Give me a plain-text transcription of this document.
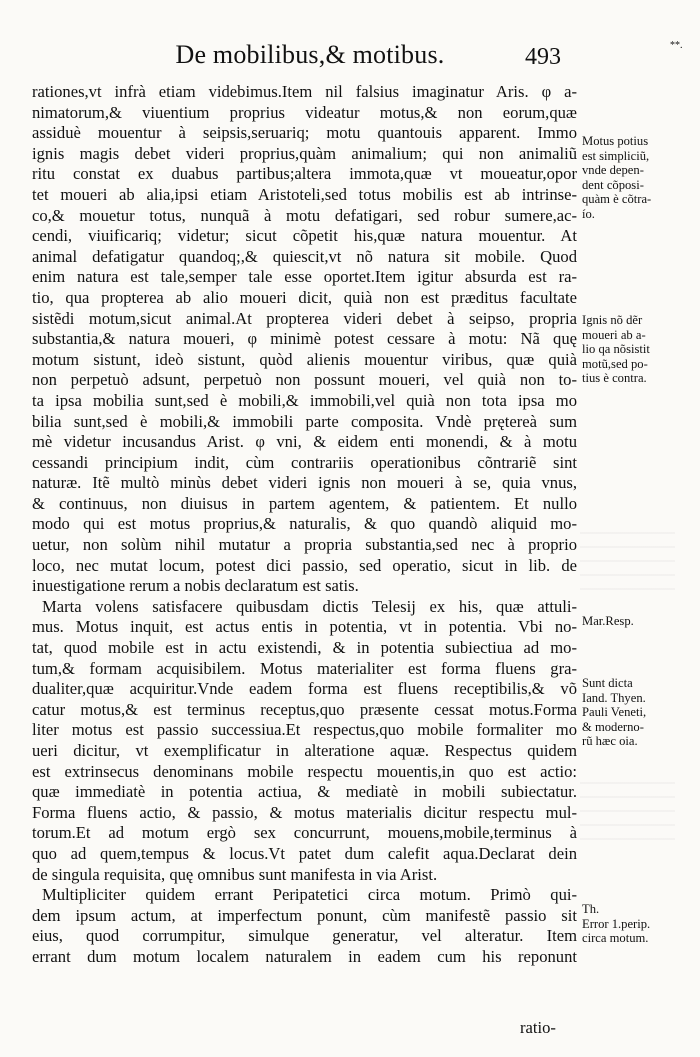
De mobilibus,& motibus.	493	**.
rationes,vt infrà etiam videbimus.Item nil falsius imaginatur Aris. φ a-
nimatorum,& viuentium proprius videatur motus,& non eorum,quæ
assiduè mouentur à seipsis,seruariq; motu quantouis apparent. Immo
ignis magis debet videri proprius,quàm animalium; qui non animaliũ
ritu constat ex duabus partibus;altera immota,quæ vt moueatur,opor
tet moueri ab alia,ipsi etiam Aristoteli,sed totus mobilis est ab intrinse-
co,& mouetur totus, nunquã à motu defatigari, sed robur sumere,ac-
cendi, viuificariq; videtur; sicut cõpetit his,quæ natura mouentur. At
animal defatigatur quandoq;,& quiescit,vt nõ natura sit mobile. Quod
enim natura est tale,semper tale esse oportet.Item igitur absurda est ra-
tio, qua propterea ab alio moueri dicit, quià non est præditus facultate
sistẽdi motum,sicut animal.At propterea videri debet à seipso, propria
substantia,& natura moueri, φ minimè potest cessare à motu: Nã quę
motum sistunt, ideò sistunt, quòd alienis mouentur viribus, quæ quià
non perpetuò adsunt, perpetuò non possunt moueri, vel quià non to-
ta ipsa mobilia sunt,sed è mobili,& immobili,vel quià non tota ipsa mo
bilia sunt,sed è mobili,& immobili parte composita. Vndè prętereà sum
mè videtur incusandus Arist. φ vni, & eidem enti monendi, & à motu
cessandi principium indit, cùm contrariis operationibus cõntrariẽ sint
naturæ. Itẽ multò minùs debet videri ignis non moueri à se, quia vnus,
& continuus, non diuisus in partem agentem, & patientem. Et nullo
modo qui est motus proprius,& naturalis, & quo quandò aliquid mo-
uetur, non solùm nihil mutatur a propria substantia,sed nec à proprio
loco, nec mutat locum, potest dici passio, sed operatio, sicut in lib. de
inuestigatione rerum a nobis declaratum est satis.
Marta volens satisfacere quibusdam dictis Telesij ex his, quæ attuli-
mus. Motus inquit, est actus entis in potentia, vt in potentia. Vbi no-
tat, quod mobile est in actu existendi, & in potentia subiectiua ad mo-
tum,& formam acquisibilem. Motus materialiter est forma fluens gra-
dualiter,quæ acquiritur.Vnde eadem forma est fluens receptibilis,& võ
catur motus,& est terminus receptus,quo præsente cessat motus.Forma
liter motus est passio successiua.Et respectus,quo mobile formaliter mo
ueri dicitur, vt exemplificatur in alteratione aquæ. Respectus quidem
est extrinsecus denominans mobile respectu mouentis,in quo est actio:
quæ immediatè in potentia actiua, & mediatè in mobili subiectatur.
Forma fluens actio, & passio, & motus materialis dicitur respectu mul-
torum.Et ad motum ergò sex concurrunt, mouens,mobile,terminus à
quo ad quem,tempus & locus.Vt patet dum calefit aqua.Declarat dein
de singula requisita, quę omnibus sunt manifesta in via Arist.
Multipliciter quidem errant Peripatetici circa motum. Primò qui-
dem ipsum actum, at imperfectum ponunt, cùm manifestẽ passio sit
eius, quod corrumpitur, simulque generatur, vel alteratur. Item
errant dum motum localem naturalem in eadem cum his reponunt
ratio-
Motus potius
est simpliciũ,
vnde depen-
dent cõposi-
quàm è cõtra-
ío.
Ignis nõ dẽr
moueri ab a-
lio qa nõsistit
motũ,sed po-
tius è contra.
Mar.Resp.
Sunt dicta
Iand. Thyen.
Pauli Veneti,
& moderno-
rũ hæc oia.
Th.
Error 1.perip.
circa motum.
